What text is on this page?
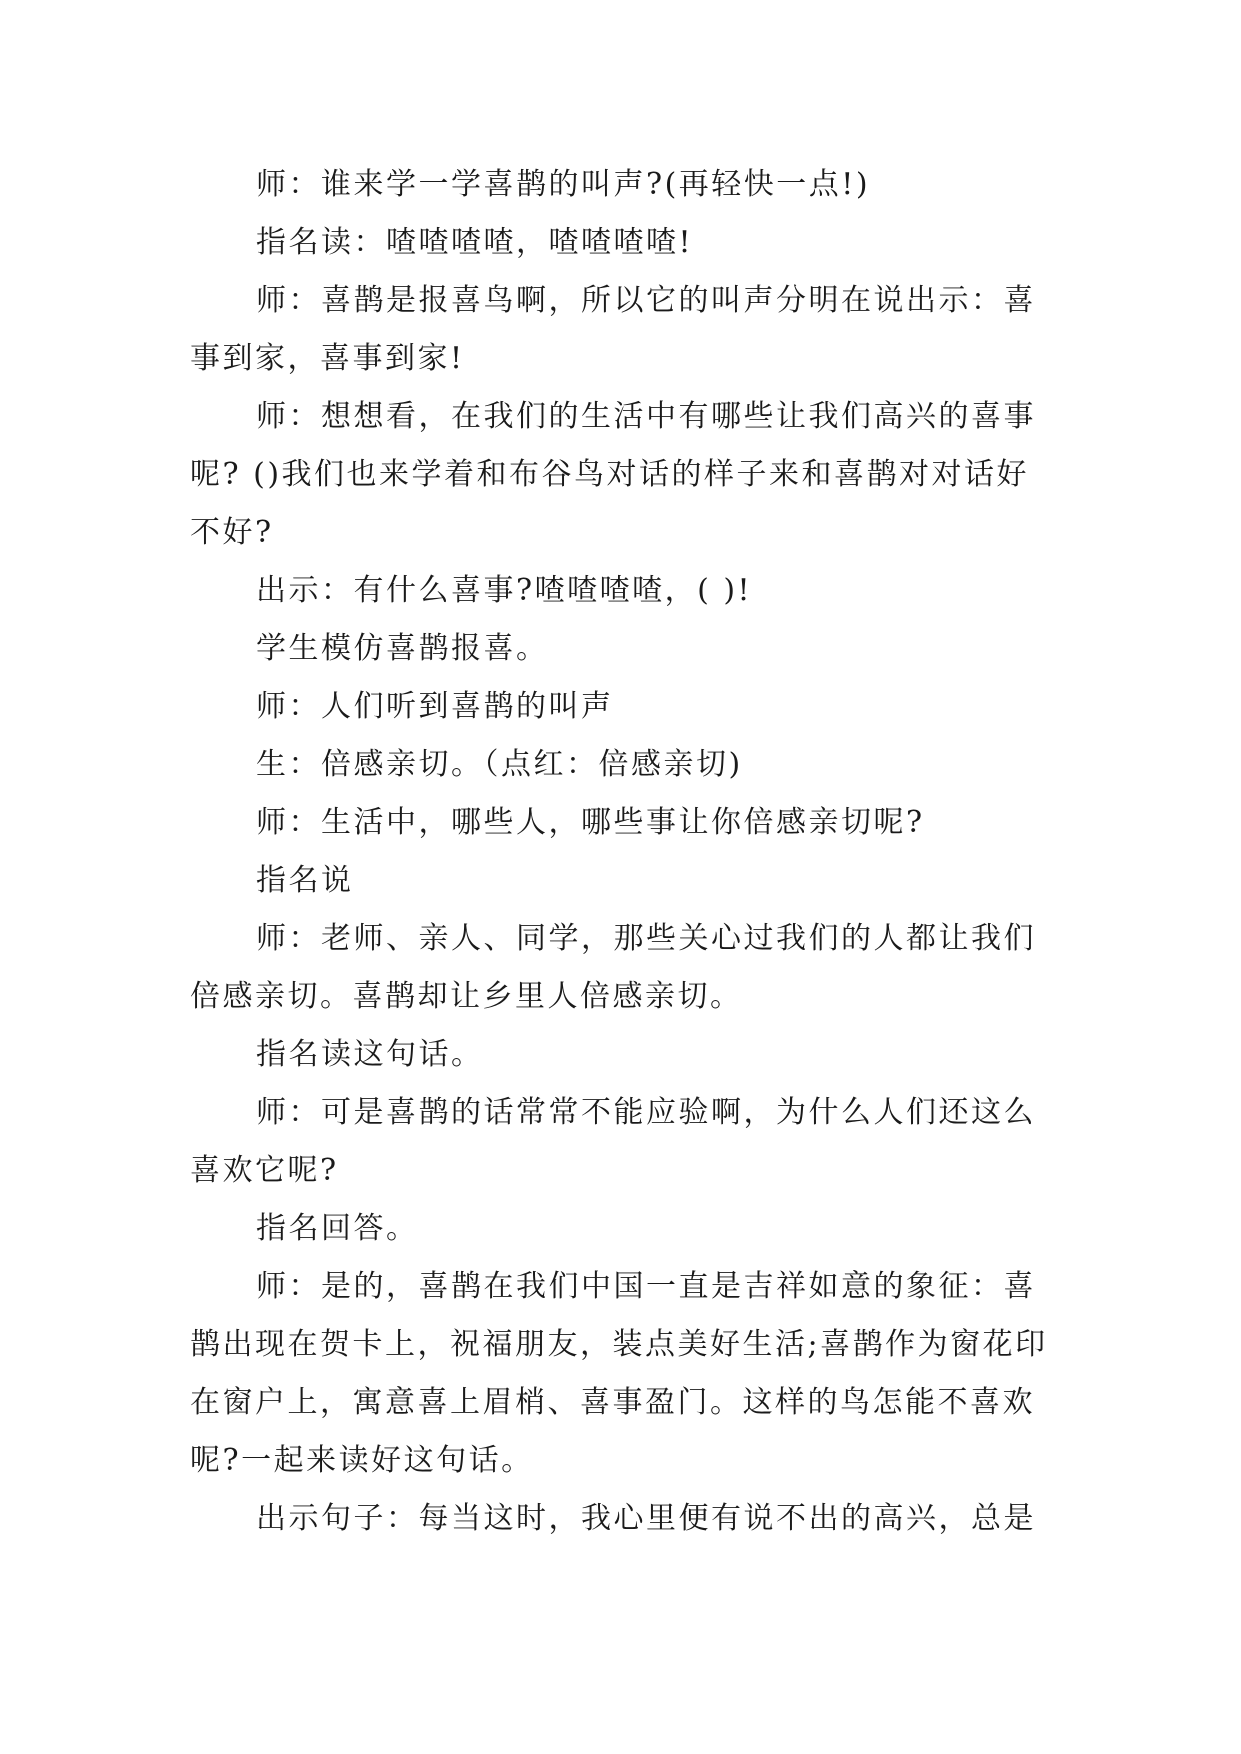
师：谁来学一学喜鹊的叫声?(再轻快一点!)

指名读：喳喳喳喳，喳喳喳喳!

师：喜鹊是报喜鸟啊，所以它的叫声分明在说出示：喜事到家，喜事到家!

师：想想看，在我们的生活中有哪些让我们高兴的喜事呢? ()我们也来学着和布谷鸟对话的样子来和喜鹊对对话好不好?

出示：有什么喜事?喳喳喳喳，( )!

学生模仿喜鹊报喜。

师：人们听到喜鹊的叫声

生：倍感亲切。（点红：倍感亲切)

师：生活中，哪些人，哪些事让你倍感亲切呢?

指名说

师：老师、亲人、同学，那些关心过我们的人都让我们倍感亲切。喜鹊却让乡里人倍感亲切。

指名读这句话。

师：可是喜鹊的话常常不能应验啊，为什么人们还这么喜欢它呢?

指名回答。

师：是的，喜鹊在我们中国一直是吉祥如意的象征：喜鹊出现在贺卡上，祝福朋友，装点美好生活;喜鹊作为窗花印在窗户上，寓意喜上眉梢、喜事盈门。这样的鸟怎能不喜欢呢?一起来读好这句话。

出示句子：每当这时，我心里便有说不出的高兴，总是
